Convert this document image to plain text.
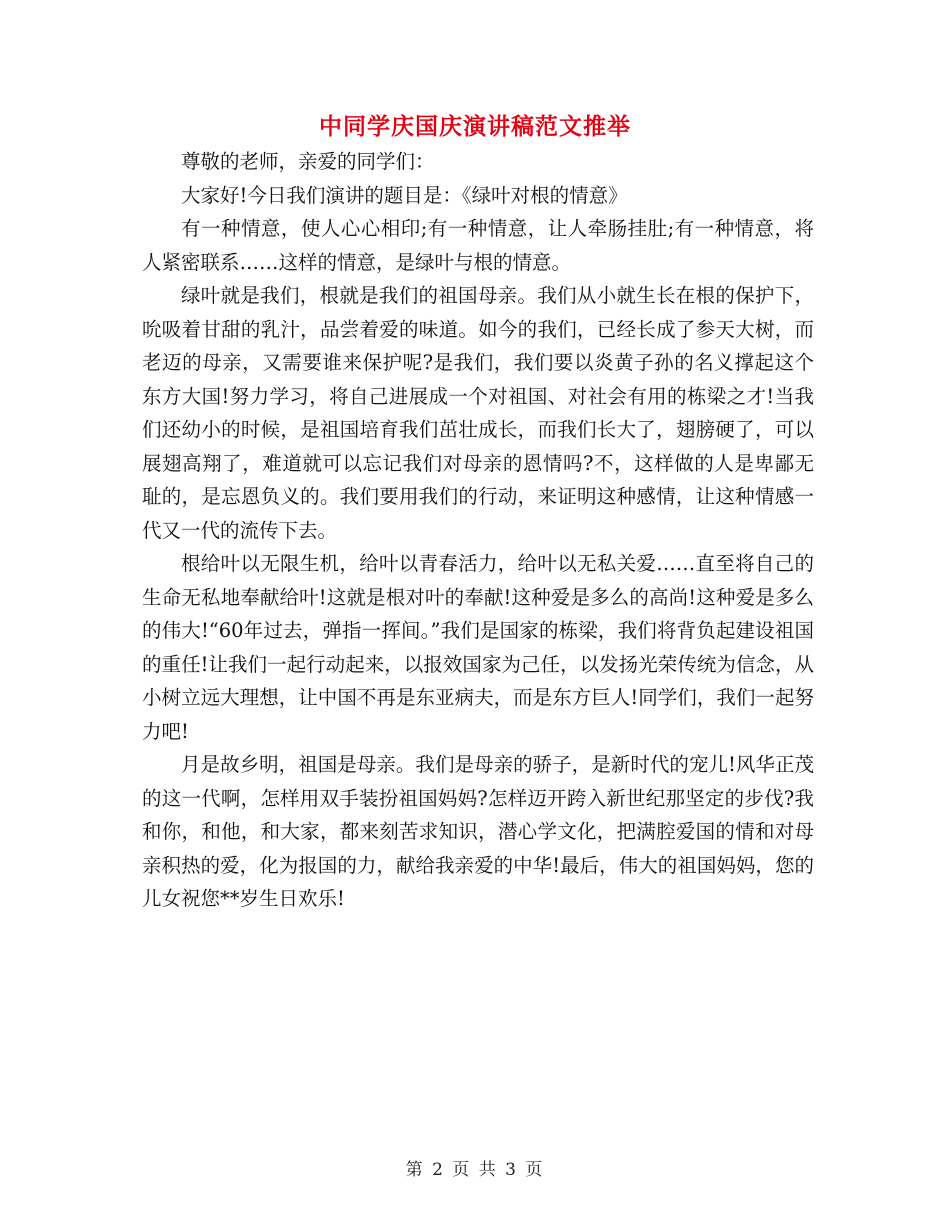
中同学庆国庆演讲稿范文推举

尊敬的老师，亲爱的同学们：

大家好!今日我们演讲的题目是：《绿叶对根的情意》

有一种情意，使人心心相印;有一种情意，让人牵肠挂肚;有一种情意，将人紧密联系……这样的情意，是绿叶与根的情意。

绿叶就是我们，根就是我们的祖国母亲。我们从小就生长在根的保护下，吮吸着甘甜的乳汁，品尝着爱的味道。如今的我们，已经长成了参天大树，而老迈的母亲，又需要谁来保护呢?是我们，我们要以炎黄子孙的名义撑起这个东方大国!努力学习，将自己进展成一个对祖国、对社会有用的栋梁之才!当我们还幼小的时候，是祖国培育我们茁壮成长，而我们长大了，翅膀硬了，可以展翅高翔了，难道就可以忘记我们对母亲的恩情吗?不，这样做的人是卑鄙无耻的，是忘恩负义的。我们要用我们的行动，来证明这种感情，让这种情感一代又一代的流传下去。

根给叶以无限生机，给叶以青春活力，给叶以无私关爱……直至将自己的生命无私地奉献给叶!这就是根对叶的奉献!这种爱是多么的高尚!这种爱是多么的伟大!“60年过去，弹指一挥间。”我们是国家的栋梁，我们将背负起建设祖国的重任!让我们一起行动起来，以报效国家为己任，以发扬光荣传统为信念，从小树立远大理想，让中国不再是东亚病夫，而是东方巨人!同学们，我们一起努力吧!

月是故乡明，祖国是母亲。我们是母亲的骄子，是新时代的宠儿!风华正茂的这一代啊，怎样用双手装扮祖国妈妈?怎样迈开跨入新世纪那坚定的步伐?我和你，和他，和大家，都来刻苦求知识，潜心学文化，把满腔爱国的情和对母亲积热的爱，化为报国的力，献给我亲爱的中华!最后，伟大的祖国妈妈，您的儿女祝您**岁生日欢乐!

第 2 页 共 3 页
